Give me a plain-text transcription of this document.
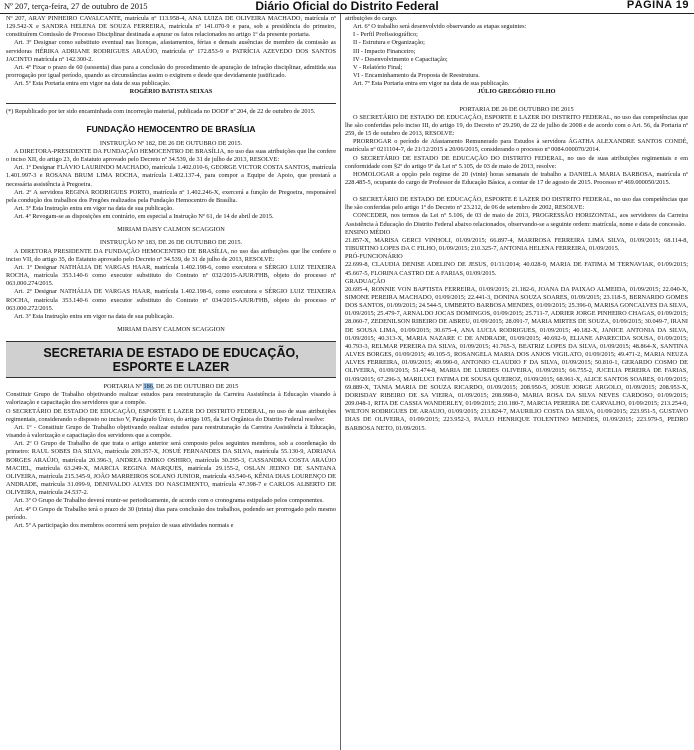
Nº 207, terça-feira, 27 de outubro de 2015	Diário Oficial do Distrito Federal	PÁGINA 19

Nº 207, ARAY PINHEIRO CAVALCANTE, matrícula nº 113.958-4, ANA LUIZA DE OLIVEIRA MACHADO, matrícula nº 129.542-X e SANDRA HELENA DE SOUZA FERREIRA, matrícula nº 141.070-9 e para, sob a presidência do primeiro, constituírem Comissão de Processo Disciplinar destinada a apurar os fatos relacionados no artigo 1º da presente portaria.

Art. 3º Designar como substituto eventual nas licenças, afastamentos, férias e demais ausências de membro da comissão as servidoras HÉRIKA ADRIANE RODRIGUES ARAÚJO, matrícula nº 172.853-9 e PATRÍCIA AZEVEDO DOS SANTOS JACINTO matrícula nº 142.300-2.

Art. 4º Fixar o prazo de 60 (sessenta) dias para a conclusão do procedimento de apuração de infração disciplinar, admitida sua prorrogação por igual período, quando as circunstâncias assim o exigirem e desde que devidamente justificado.

Art. 5º Esta Portaria entra em vigor na data de sua publicação.

ROGÉRIO BATISTA SEIXAS

(*) Republicado por ter sido encaminhada com incorreção material, publicada no DODF nº 204, de 22 de outubro de 2015.

FUNDAÇÃO HEMOCENTRO DE BRASÍLIA

INSTRUÇÃO Nº 182, DE 26 DE OUTUBRO DE 2015.

A DIRETORA-PRESIDENTE DA FUNDAÇÃO HEMOCENTRO DE BRASÍLIA, no uso das suas atribuições que lhe confere o inciso XII, do artigo 23, do Estatuto aprovado pelo Decreto nº 34.539, de 31 de julho de 2013, RESOLVE:

Art. 1º Designar FLÁVIO LAURINDO MACHADO, matrícula 1.402.010-6, GEORGE VICTOR COSTA SANTOS, matrícula 1.401.997-3 e ROSANA BRUM LIMA ROCHA, matrícula 1.402.137-4, para compor a Equipe de Apoio, que prestará a necessária assistência à Pregoeira.

Art. 2º A servidora REGINA RODRIGUES PORTO, matrícula nº 1.402.246-X, exercerá a função de Pregoeira, responsável pela condução dos trabalhos dos Pregões realizados pela Fundação Hemocentro de Brasília.

Art. 3º Esta Instrução entra em vigor na data de sua publicação.

Art. 4º Revogam-se as disposições em contrário, em especial a Instrução Nº 61, de 14 de abril de 2015.

MIRIAM DAISY CALMON SCAGGION

INSTRUÇÃO Nº 183, DE 26 DE OUTUBRO DE 2015.

A DIRETORA PRESIDENTE DA FUNDAÇÃO HEMOCENTRO DE BRASÍLIA, no uso das atribuições que lhe confere o inciso VII, do artigo 35, do Estatuto aprovado pelo Decreto nº 34.539, de 31 de julho de 2013, RESOLVE:

Art. 1º Designar NATHÁLIA DE VARGAS HAAR, matrícula 1.402.198-6, como executora e SÉRGIO LUIZ TEIXEIRA ROCHA, matrícula 353.140-6 como executor substituto do Contrato nº 032/2015-AJUR/FHB, objeto do processo nº 063.000.274/2015.

Art. 2º Designar NATHÁLIA DE VARGAS HAAR, matrícula 1.402.198-6, como executora e SÉRGIO LUIZ TEIXEIRA ROCHA, matrícula 353.140-6 como executor substituto do Contrato nº 034/2015-AJUR/FHB, objeto do processo nº 063.000.272/2015.

Art. 3º Esta Instrução entra em vigor na data de sua publicação.

MIRIAM DAISY CALMON SCAGGION

SECRETARIA DE ESTADO DE EDUCAÇÃO,
ESPORTE E LAZER

PORTARIA Nº 186, DE 26 DE OUTUBRO DE 2015

Constituir Grupo de Trabalho objetivando realizar estudos para reestruturação da Carreira Assistência à Educação visando à valorização e capacitação dos servidores que a compõe.

O SECRETÁRIO DE ESTADO DE EDUCAÇÃO, ESPORTE E LAZER DO DISTRITO FEDERAL, no uso de suas atribuições regimentais, considerando o disposto no inciso V, Parágrafo Único, do artigo 105, da Lei Orgânica do Distrito Federal resolve:

Art. 1º - Constituir Grupo de Trabalho objetivando realizar estudos para reestruturação da Carreira Assistência à Educação, visando à valorização e capacitação dos servidores que a compõe.

Art. 2º O Grupo de Trabalho de que trata o artigo anterior será composto pelos seguintes membros, sob a coordenação do primeiro: RAUL SOBES DA SILVA, matrícula 209.357-X, JOSUÉ FERNANDES DA SILVA, matrícula 55.130-9, ADRIANA BORGES ARAÚJO, matrícula 20.396-3, ANDREA EMIKO OSHIRO, matrícula 30.295-3, CASSANDRA COSTA ARAÚJO MACIEL, matrícula 63.249-X, MARCIA REGINA MARQUES, matrícula 29.155-2, OSLAN JEDNO DE SANTANA OLIVEIRA, matrícula 215.345-9, JOÃO MARREIROS SOLANO JUNIOR, matrícula 43.540-6, KÊNIA DIAS LOURENÇO DE ANDRADE, matrícula 31.099-9, DENIVALDO ALVES DO NASCIMENTO, matrícula 47.398-7 e CARLOS ALBERTO DE OLIVEIRA, matrícula 24.537-2.

Art. 3º O Grupo de Trabalho deverá reunir-se periodicamente, de acordo com o cronograma estipulado pelos componentes.

Art. 4º O Grupo de Trabalho terá o prazo de 30 (trinta) dias para conclusão dos trabalhos, podendo ser prorrogado pelo mesmo período.

Art. 5º A participação dos membros ocorrerá sem prejuízo de suas atividades normais e

atribuições do cargo.

Art. 6º O trabalho será desenvolvido observando as etapas seguintes:

I - Perfil Profissiográfico;

II - Estrutura e Organização;

III - Impacto Financeiro;

IV - Desenvolvimento e Capacitação;

V - Relatório Final;

VI - Encaminhamento da Proposta de Reestrutura.

Art. 7º Esta Portaria entra em vigor na data de sua publicação.

JÚLIO GREGÓRIO FILHO

PORTARIA DE 26 DE OUTUBRO DE 2015

O SECRETÁRIO DE ESTADO DE EDUCAÇÃO, ESPORTE E LAZER DO DISTRITO FEDERAL, no uso das competências que lhe são conferidas pelo inciso III, do artigo 19, do Decreto nº 29.290, de 22 de julho de 2008 e de acordo com o Art. 56, da Portaria nº 259, de 15 de outubro de 2013, RESOLVE:

PRORROGAR o período de Afastamento Remunerado para Estudos à servidora ÁGATHA ALEXANDRE SANTOS CONDÉ, matrícula nº 0211104-7, de 21/12/2015 a 20/06/2015, considerando o processo nº 0084.000070/2014.

O SECRETÁRIO DE ESTADO DE EDUCAÇÃO DO DISTRITO FEDERAL, no uso de suas atribuições regimentais e em conformidade com §2º do artigo 9º da Lei nº 5.105, de 03 de maio de 2013, resolve:

HOMOLOGAR a opção pelo regime de 20 (vinte) horas semanais de trabalho a DANIELA MARIA BARBOSA, matrícula nº 228.485-5, ocupante do cargo de Professor de Educação Básica, a contar de 17 de agosto de 2015. Processo nº 469.000050/2015.

O SECRETÁRIO DE ESTADO DE EDUCAÇÃO, ESPORTE E LAZER DO DISTRITO FEDERAL, no uso das competências que lhe são conferidas pelo artigo 1º do Decreto nº 23.212, de 06 de setembro de 2002, RESOLVE:

CONCEDER, nos termos da Lei nº 5.106, de 03 de maio de 2013, PROGRESSÃO HORIZONTAL, aos servidores da Carreira Assistência à Educação do Distrito Federal abaixo relacionados, observando-se a seguinte ordem: matrícula, nome e data de concessão.

ENSINO MÉDIO

21.857-X, MARISA GERCI VINHOLI, 01/09/2015; 66.897-4, MARIROSA FERREIRA LIMA SILVA, 01/09/2015; 68.114-8, TIBURTINO LOPES DA C FILHO, 01/09/2015; 210.325-7, ANTONIA HELENA FERREIRA, 01/09/2015.

PRÓ-FUNCIONÁRIO

22.699-8, CLAUDIA DENISE ADELINO DE JESUS, 01/11/2014; 40.028-9, MARIA DE FATIMA M TERNAVIAK, 01/09/2015; 45.667-5, FLORINA CASTRO DE A FARIAS, 01/09/2015.

GRADUAÇÃO

20.695-4, RONNIE VON BAPTISTA FERREIRA, 01/09/2015; 21.182-6, JOANA DA PAIXAO ALMEIDA, 01/09/2015; 22.040-X, SIMONE PEREIRA MACHADO, 01/09/2015; 22.441-3, DONINA SOUZA SOARES, 01/09/2015; 23.118-5, BERNARDO GOMES DOS SANTOS, 01/09/2015; 24.544-5, UMBERTO BARBOSA MENDES, 01/09/2015; 25.396-0, MARISA GONCALVES DA SILVA, 01/09/2015; 25.479-7, ARNALDO JOCAS DOMINGOS, 01/09/2015; 25.711-7, ADRIER JORGE PINHEIRO CHAGAS, 01/09/2015; 28.060-7, ZEDENILSON RIBEIRO DE ABREU, 01/09/2015; 28.091-7, MARIA MIRTES DE SOUZA, 01/09/2015; 30.049-7, IRANI DE SOUSA LIMA, 01/09/2015; 30.675-4, ANA LUCIA RODRIGUES, 01/09/2015; 40.182-X, JANICE ANTONIA DA SILVA, 01/09/2015; 40.313-X, MARIA NAZARE C DE ANDRADE, 01/09/2015; 40.692-9, ELIANE APARECIDA SOUSA, 01/09/2015; 40.793-3, RELMAR PEREIRA DA SILVA, 01/09/2015; 41.765-3, BEATRIZ LOPES DA SILVA, 01/09/2015; 48.864-X, SANTINA ALVES BORGES, 01/09/2015; 49.105-5, ROSANGELA MARIA DOS ANJOS VIGILATO, 01/09/2015; 49.471-2, MARIA NEUZA ALVES FERREIRA, 01/09/2015; 49.990-0, ANTONIO CLAUDIO F DA SILVA, 01/09/2015; 50.810-1, GERARDO COSMO DE OLIVEIRA, 01/09/2015; 51.474-8, MARIA DE LURDES OLIVEIRA, 01/09/2015; 66.755-2, JUCELIA PEREIRA DE FARIAS, 01/09/2015; 67.296-3, MARILUCI FATIMA DE SOUSA QUEIROZ, 01/09/2015; 68.961-X, ALICE SANTOS SOARES, 01/09/2015; 69.889-X, TANIA MARIA DE SOUZA RICARDO, 01/09/2015; 208.950-5, JOSUE JORGE ARGOLO, 01/09/2015; 208.953-X, DORISDAY RIBEIRO DE SA VIEIRA, 01/09/2015; 208.998-0, MARIA ROSA DA SILVA NEVES CARDOSO, 01/09/2015; 209.048-1, RITA DE CASSIA WANDERLEY, 01/09/2015; 210.180-7, MARCIA PEREIRA DE CARVALHO, 01/09/2015; 213.254-0, WILTON RODRIGUES DE ARAUJO, 01/09/2015; 213.824-7, MAURILIO COSTA DA SILVA, 01/09/2015; 223.951-5, GUSTAVO DIAS DE OLIVEIRA, 01/09/2015; 223.952-3, PAULO HENRIQUE TOLENTINO MENDES, 01/09/2015; 223.979-5, PEDRO BARBOSA NETO, 01/09/2015.
